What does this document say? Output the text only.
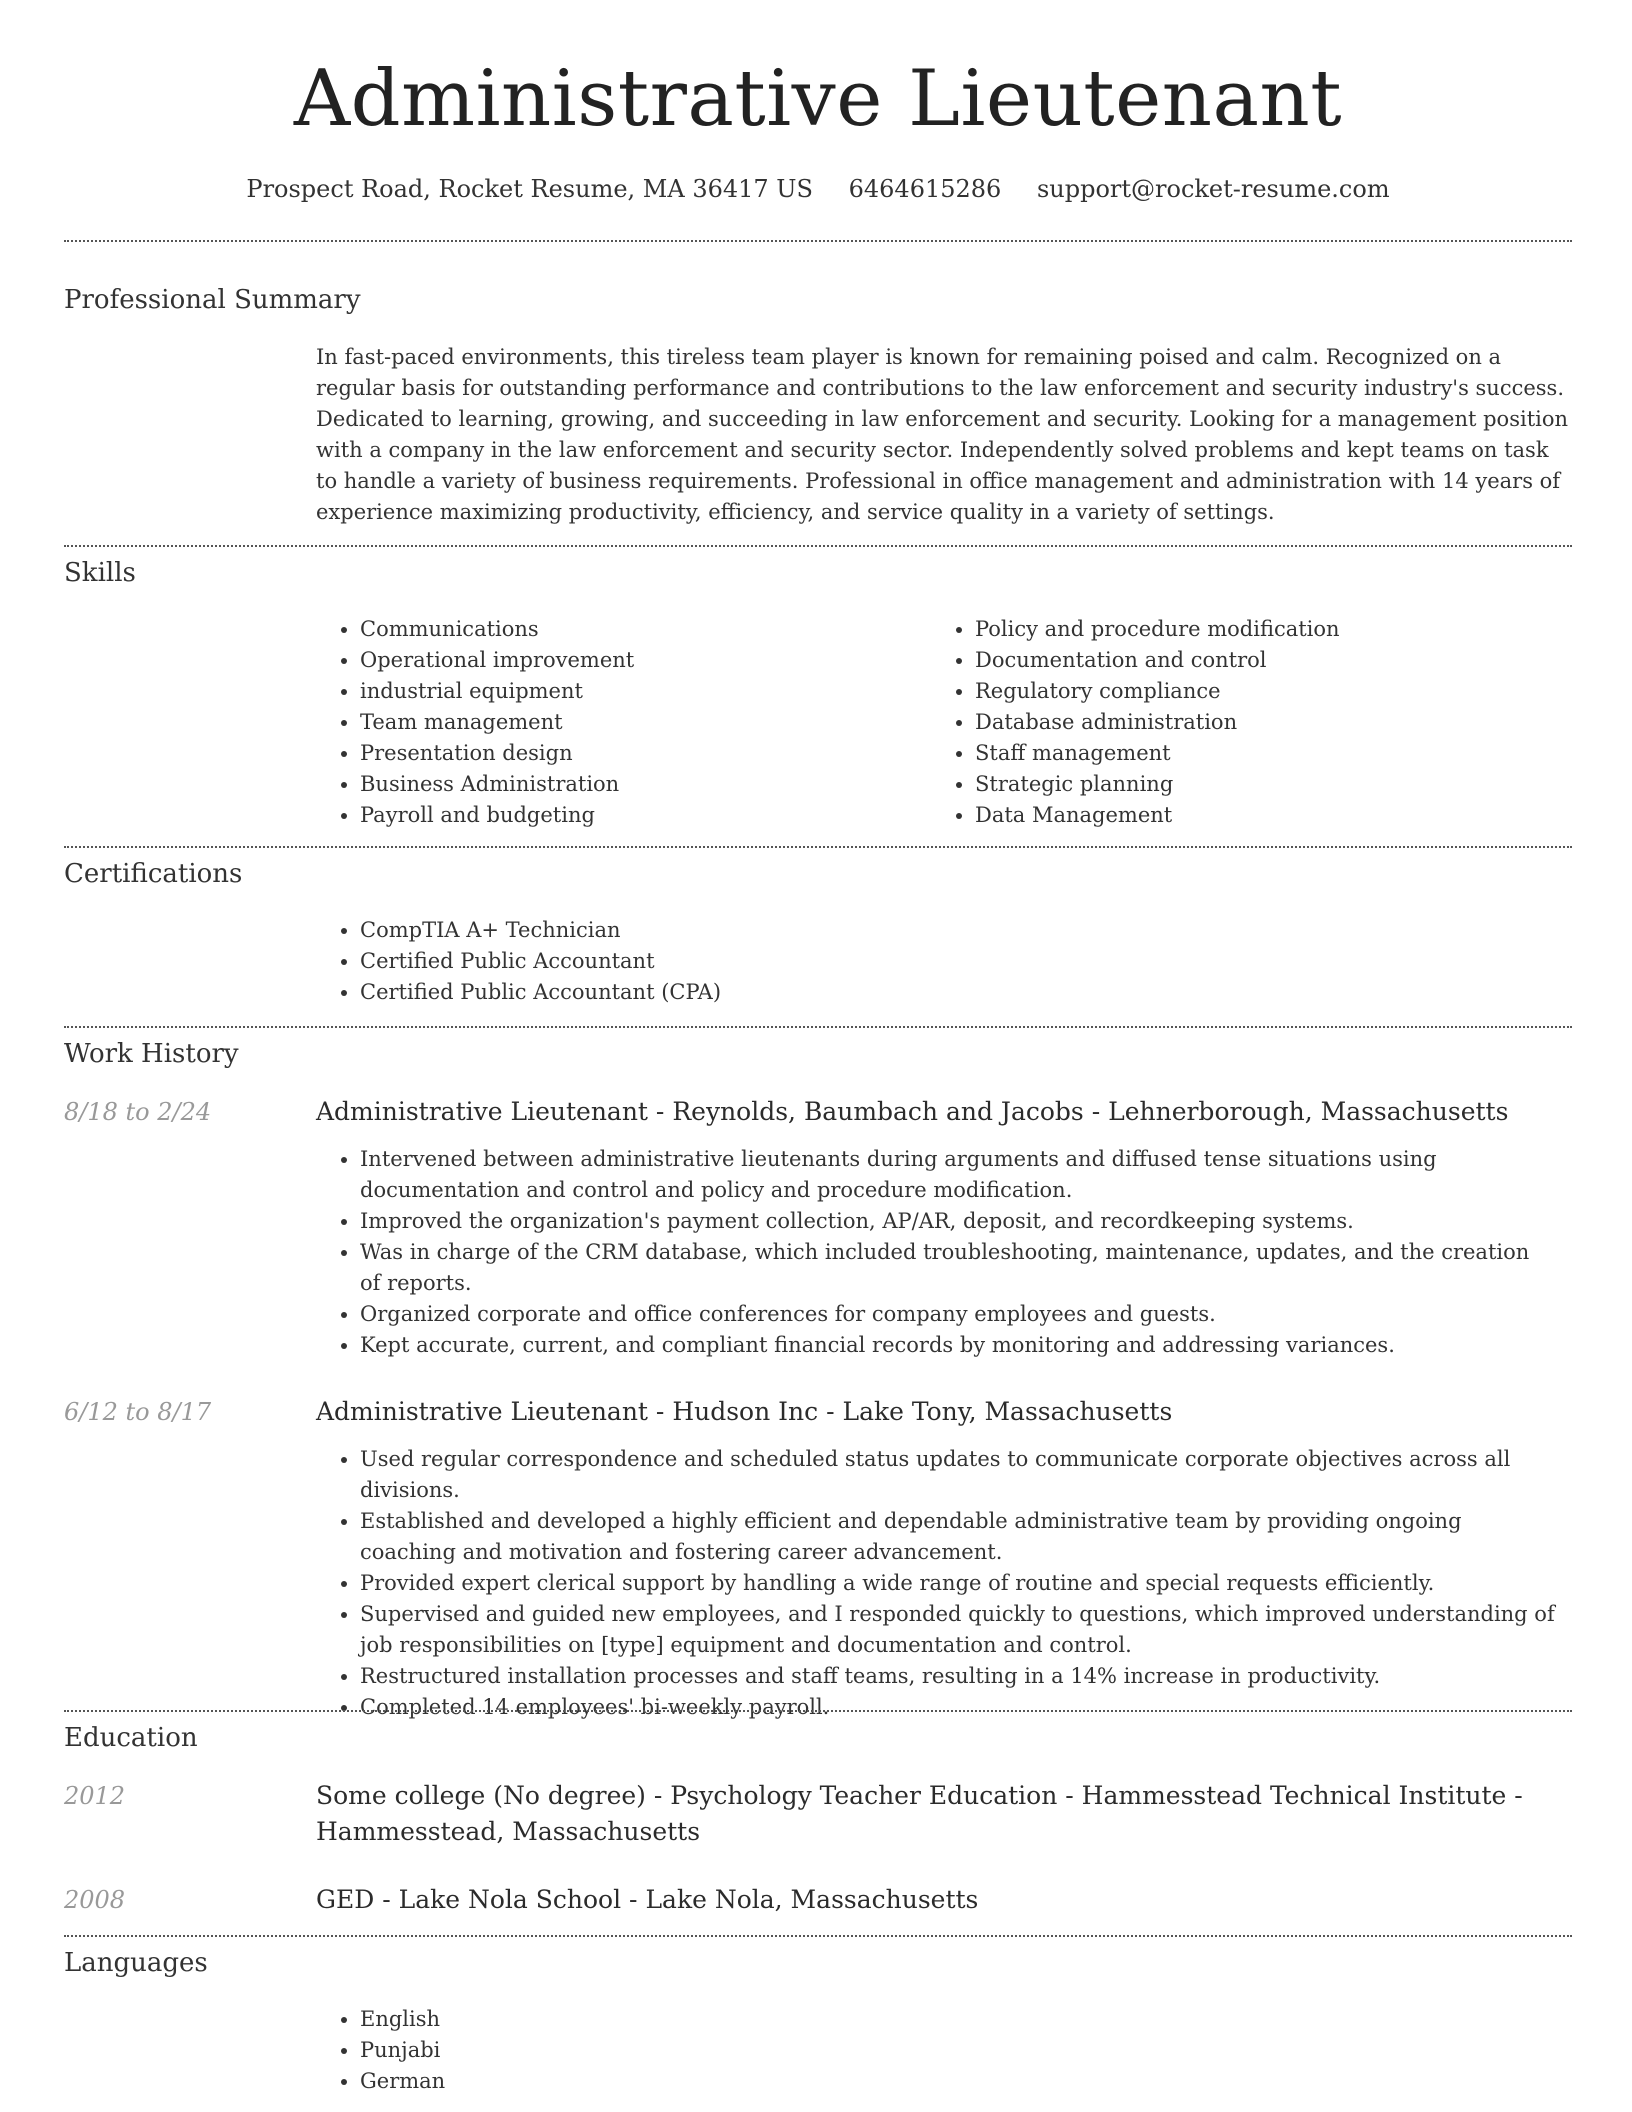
Administrative Lieutenant
Prospect Road, Rocket Resume, MA 36417 US 6464615286 support@rocket-resume.com
Professional Summary

In fast-paced environments, this tireless team player is known for remaining poised and calm. Recognized on a regular basis for outstanding performance and contributions to the law enforcement and security industry's success. Dedicated to learning, growing, and succeeding in law enforcement and security. Looking for a management position with a company in the law enforcement and security sector. Independently solved problems and kept teams on task to handle a variety of business requirements. Professional in office management and administration with 14 years of experience maximizing productivity, efficiency, and service quality in a variety of settings.

Skills
• Communications
• Operational improvement
• industrial equipment
• Team management
• Presentation design
• Business Administration
• Payroll and budgeting
• Policy and procedure modification
• Documentation and control
• Regulatory compliance
• Database administration
• Staff management
• Strategic planning
• Data Management
Certifications
• CompTIA A+ Technician
• Certified Public Accountant
• Certified Public Accountant (CPA)
Work History
8/18 to 2/24	Administrative Lieutenant - Reynolds, Baumbach and Jacobs - Lehnerborough, Massachusetts
• Intervened between administrative lieutenants during arguments and diffused tense situations using documentation and control and policy and procedure modification.
• Improved the organization's payment collection, AP/AR, deposit, and recordkeeping systems.
• Was in charge of the CRM database, which included troubleshooting, maintenance, updates, and the creation of reports.
• Organized corporate and office conferences for company employees and guests.
• Kept accurate, current, and compliant financial records by monitoring and addressing variances.
6/12 to 8/17	Administrative Lieutenant - Hudson Inc - Lake Tony, Massachusetts
• Used regular correspondence and scheduled status updates to communicate corporate objectives across all divisions.
• Established and developed a highly efficient and dependable administrative team by providing ongoing coaching and motivation and fostering career advancement.
• Provided expert clerical support by handling a wide range of routine and special requests efficiently.
• Supervised and guided new employees, and I responded quickly to questions, which improved understanding of job responsibilities on [type] equipment and documentation and control.
• Restructured installation processes and staff teams, resulting in a 14% increase in productivity.
• Completed 14 employees' bi-weekly payroll.
Education
2012	Some college (No degree) - Psychology Teacher Education - Hammesstead Technical Institute - Hammesstead, Massachusetts
2008	GED - Lake Nola School - Lake Nola, Massachusetts
Languages
• English
• Punjabi
• German
